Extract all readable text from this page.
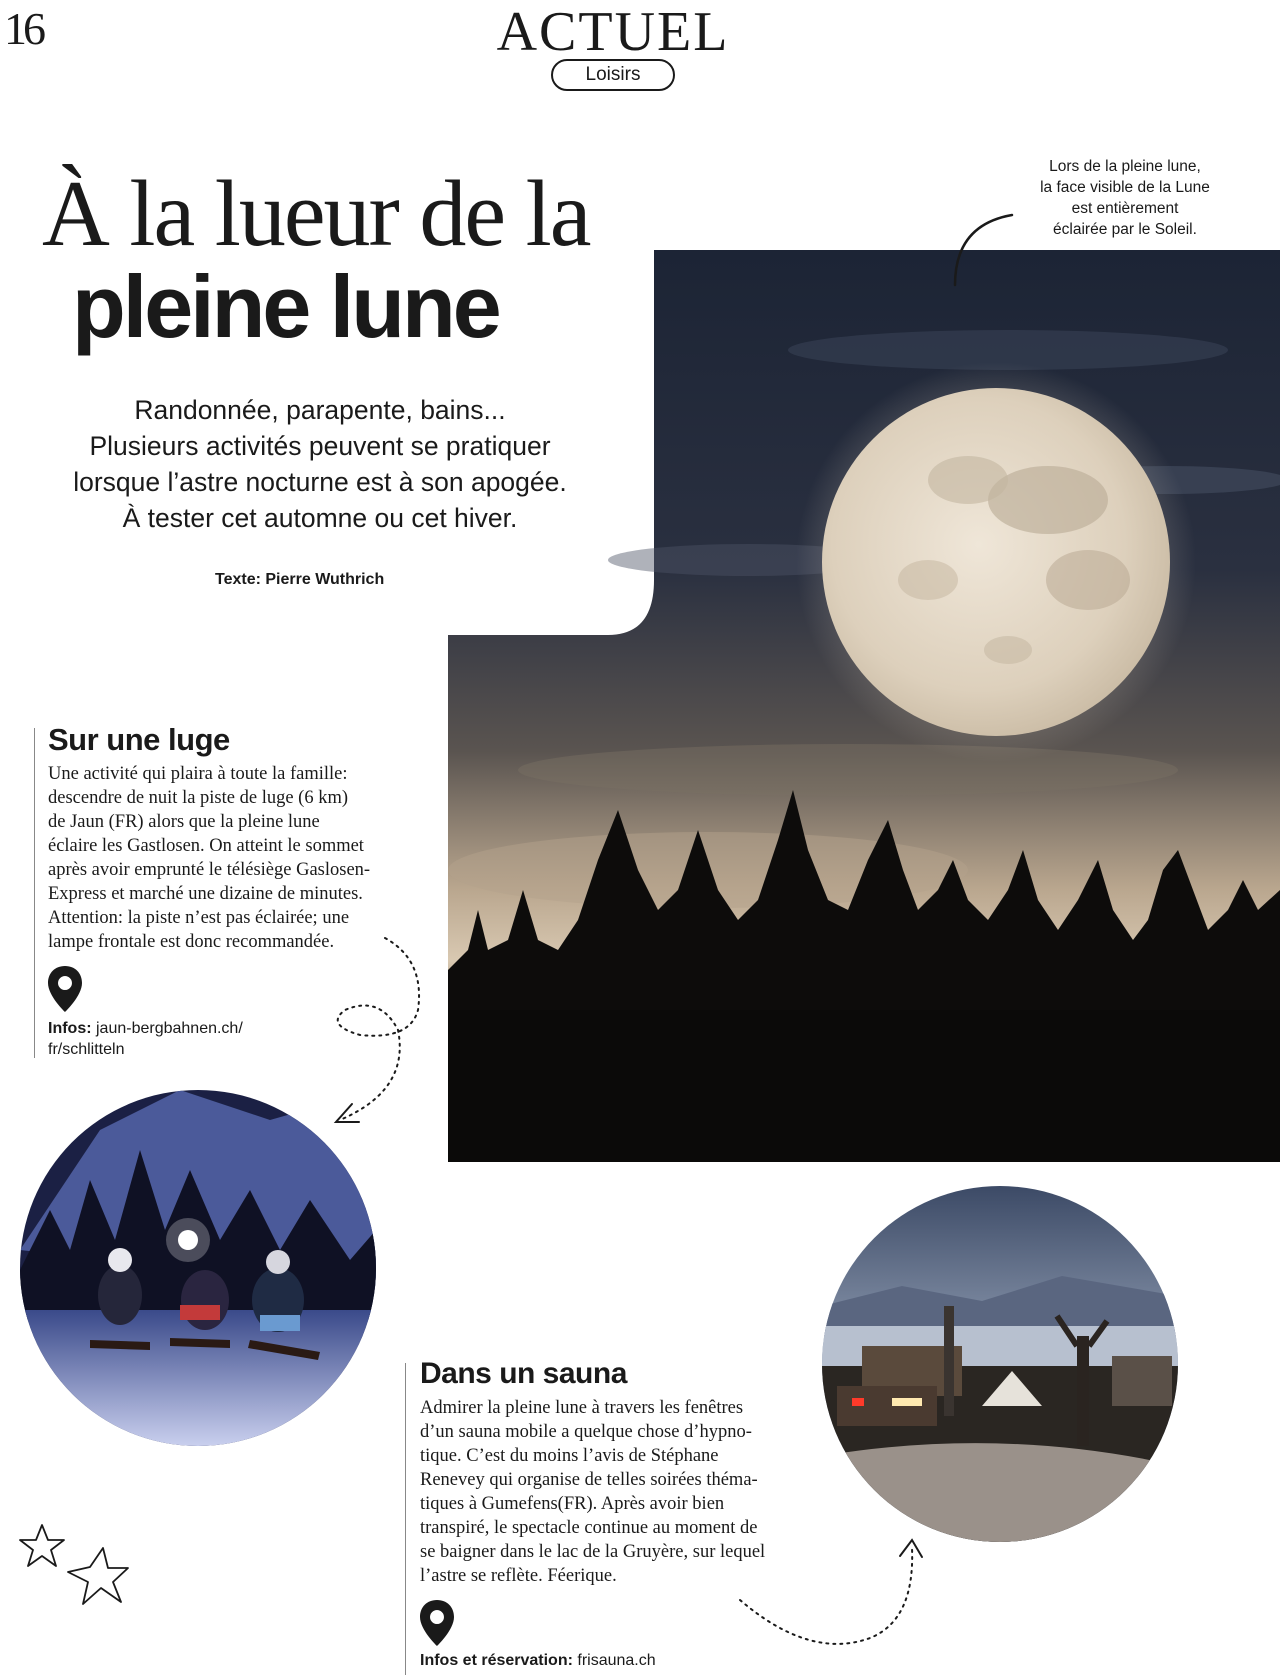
16	ACTUEL
Loisirs
À la lueur de la
pleine lune
Randonnée, parapente, bains...
Plusieurs activités peuvent se pratiquer
lorsque l’astre nocturne est à son apogée.
À tester cet automne ou cet hiver.
Texte: Pierre Wuthrich
Lors de la pleine lune,
la face visible de la Lune
est entièrement
éclairée par le Soleil.
Sur une luge
Une activité qui plaira à toute la famille:
descendre de nuit la piste de luge (6 km)
de Jaun (FR) alors que la pleine lune
éclaire les Gastlosen. On atteint le sommet
après avoir emprunté le télésiège Gaslosen-
Express et marché une dizaine de minutes.
Attention: la piste n’est pas éclairée; une
lampe frontale est donc recommandée.
Infos: jaun-bergbahnen.ch/
fr/schlitteln
Dans un sauna
Admirer la pleine lune à travers les fenêtres
d’un sauna mobile a quelque chose d’hypno-
tique. C’est du moins l’avis de Stéphane
Renevey qui organise de telles soirées théma-
tiques à Gumefens(FR). Après avoir bien
transpiré, le spectacle continue au moment de
se baigner dans le lac de la Gruyère, sur lequel
l’astre se reflète. Féerique.
Infos et réservation: frisauna.ch
